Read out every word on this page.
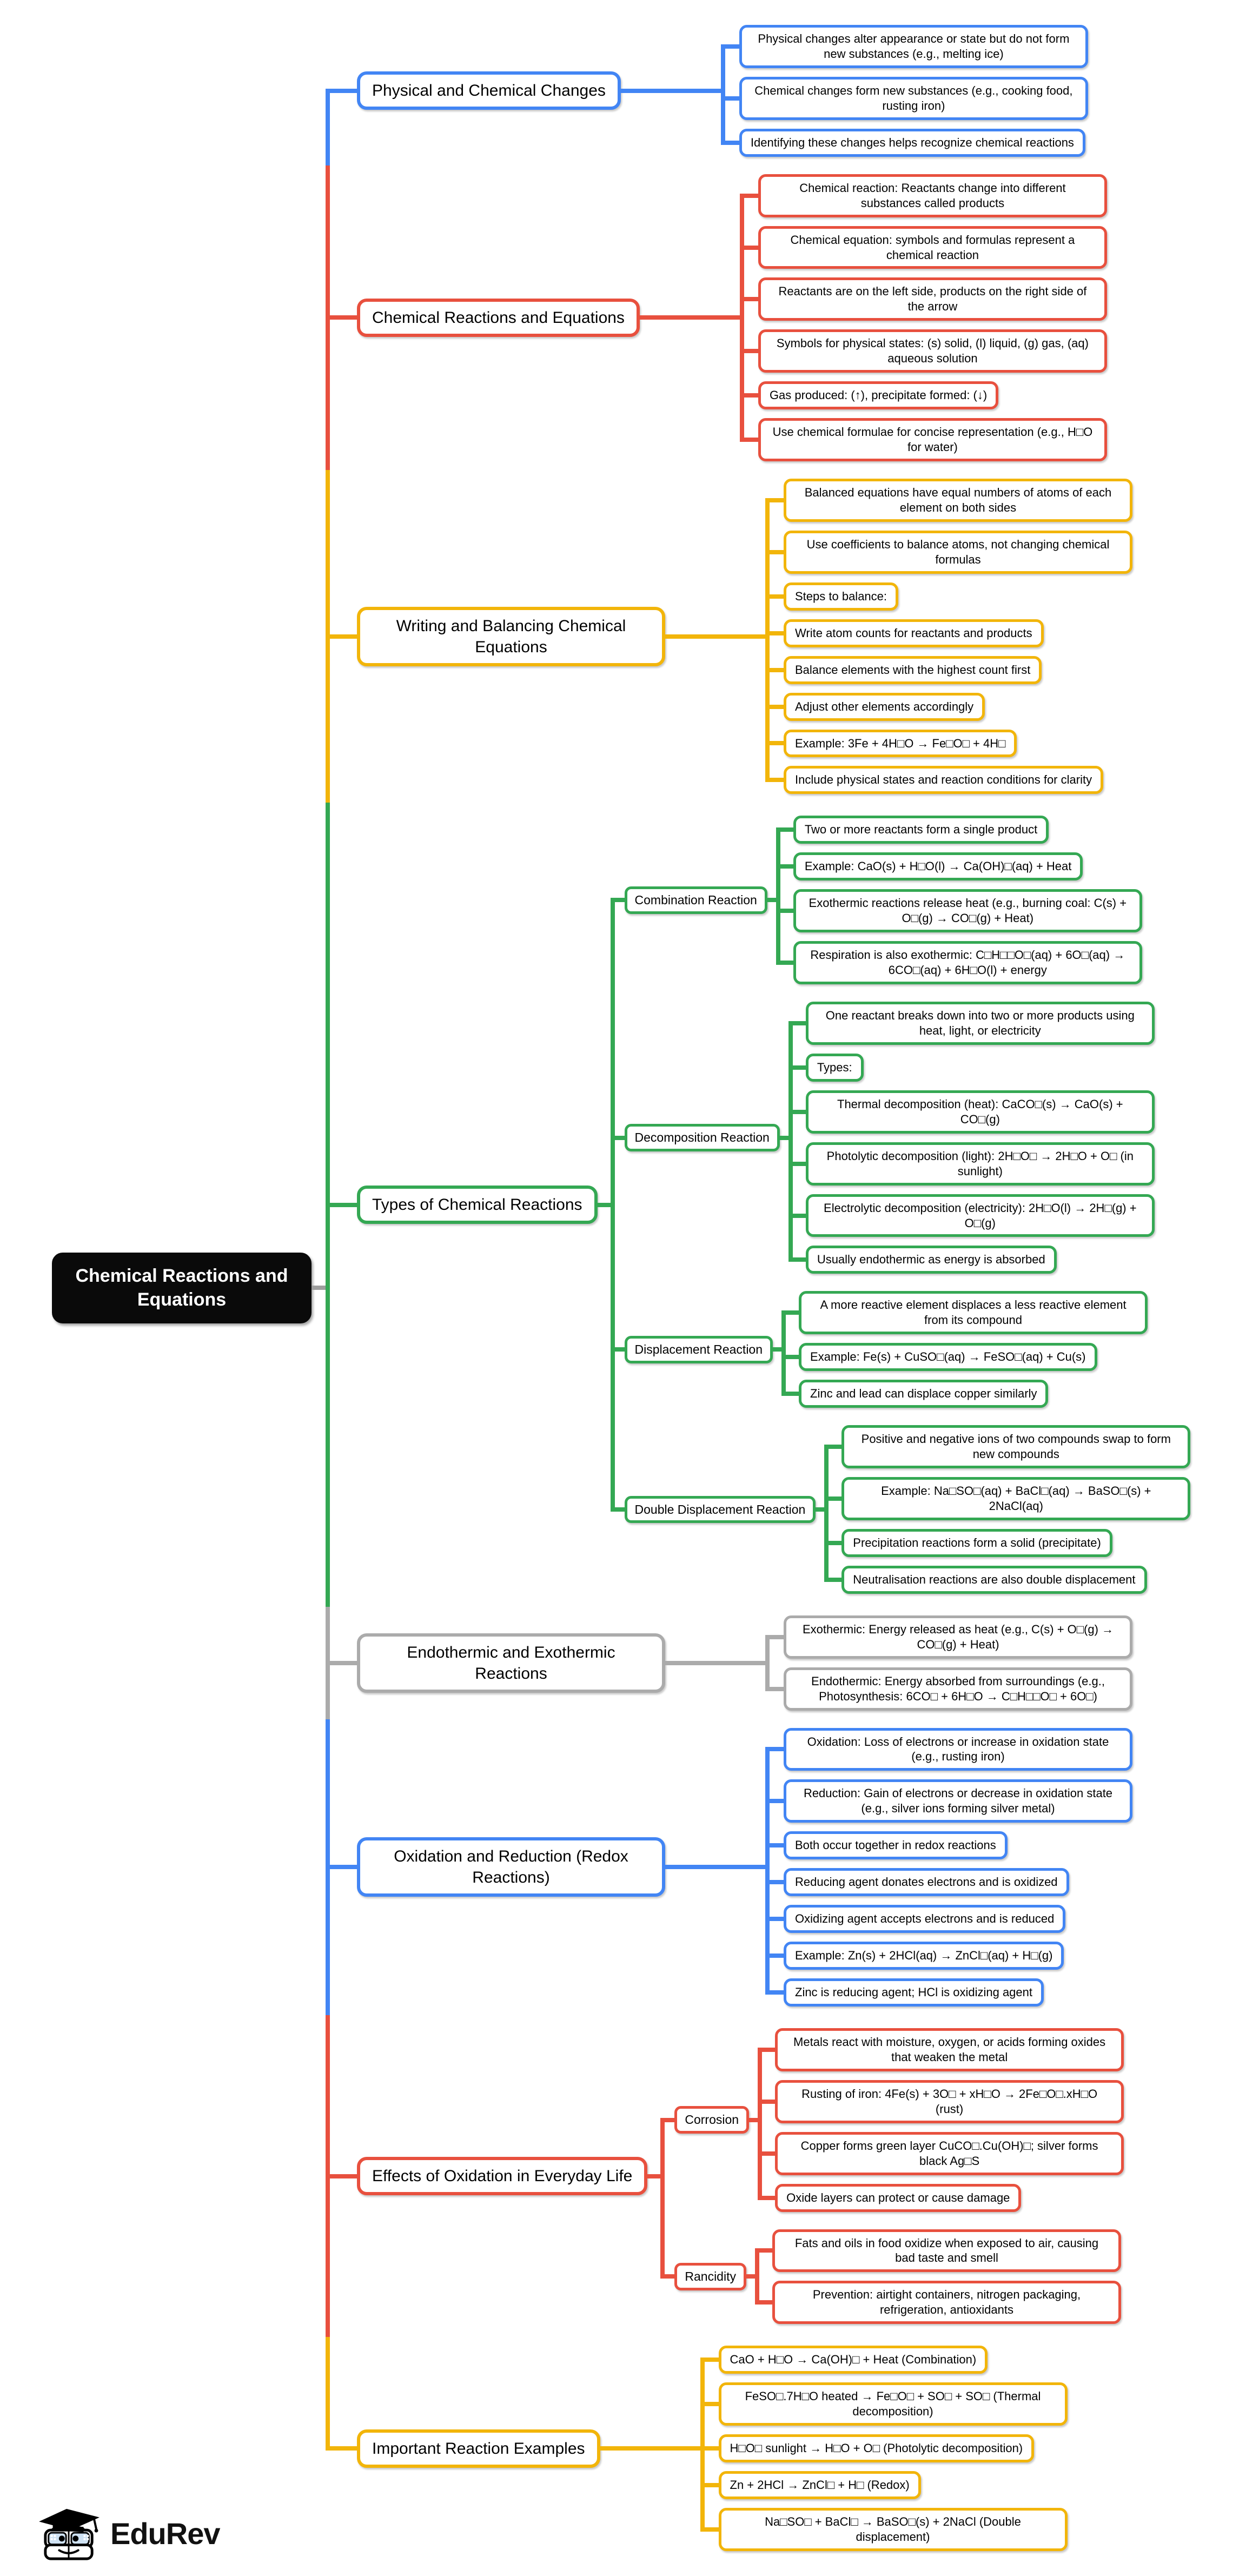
Chemical Reactions and Equations
Physical and Chemical Changes
Physical changes alter appearance or state but do not form new substances (e.g., melting ice)
Chemical changes form new substances (e.g., cooking food, rusting iron)
Identifying these changes helps recognize chemical reactions
Chemical Reactions and Equations
Chemical reaction: Reactants change into different substances called products
Chemical equation: symbols and formulas represent a chemical reaction
Reactants are on the left side, products on the right side of the arrow
Symbols for physical states: (s) solid, (l) liquid, (g) gas, (aq) aqueous solution
Gas produced: (↑), precipitate formed: (↓)
Use chemical formulae for concise representation (e.g., H□O for water)
Writing and Balancing Chemical Equations
Balanced equations have equal numbers of atoms of each element on both sides
Use coefficients to balance atoms, not changing chemical formulas
Steps to balance:
Write atom counts for reactants and products
Balance elements with the highest count first
Adjust other elements accordingly
Example: 3Fe + 4H□O → Fe□O□ + 4H□
Include physical states and reaction conditions for clarity
Types of Chemical Reactions
Combination Reaction
Two or more reactants form a single product
Example: CaO(s) + H□O(l) → Ca(OH)□(aq) + Heat
Exothermic reactions release heat (e.g., burning coal: C(s) + O□(g) → CO□(g) + Heat)
Respiration is also exothermic: C□H□□O□(aq) + 6O□(aq) → 6CO□(aq) + 6H□O(l) + energy
Decomposition Reaction
One reactant breaks down into two or more products using heat, light, or electricity
Types:
Thermal decomposition (heat): CaCO□(s) → CaO(s) + CO□(g)
Photolytic decomposition (light): 2H□O□ → 2H□O + O□ (in sunlight)
Electrolytic decomposition (electricity): 2H□O(l) → 2H□(g) + O□(g)
Usually endothermic as energy is absorbed
Displacement Reaction
A more reactive element displaces a less reactive element from its compound
Example: Fe(s) + CuSO□(aq) → FeSO□(aq) + Cu(s)
Zinc and lead can displace copper similarly
Double Displacement Reaction
Positive and negative ions of two compounds swap to form new compounds
Example: Na□SO□(aq) + BaCl□(aq) → BaSO□(s) + 2NaCl(aq)
Precipitation reactions form a solid (precipitate)
Neutralisation reactions are also double displacement
Endothermic and Exothermic Reactions
Exothermic: Energy released as heat (e.g., C(s) + O□(g) → CO□(g) + Heat)
Endothermic: Energy absorbed from surroundings (e.g., Photosynthesis: 6CO□ + 6H□O → C□H□□O□ + 6O□)
Oxidation and Reduction (Redox Reactions)
Oxidation: Loss of electrons or increase in oxidation state (e.g., rusting iron)
Reduction: Gain of electrons or decrease in oxidation state (e.g., silver ions forming silver metal)
Both occur together in redox reactions
Reducing agent donates electrons and is oxidized
Oxidizing agent accepts electrons and is reduced
Example: Zn(s) + 2HCl(aq) → ZnCl□(aq) + H□(g)
Zinc is reducing agent; HCl is oxidizing agent
Effects of Oxidation in Everyday Life
Corrosion
Metals react with moisture, oxygen, or acids forming oxides that weaken the metal
Rusting of iron: 4Fe(s) + 3O□ + xH□O → 2Fe□O□.xH□O (rust)
Copper forms green layer CuCO□.Cu(OH)□; silver forms black Ag□S
Oxide layers can protect or cause damage
Rancidity
Fats and oils in food oxidize when exposed to air, causing bad taste and smell
Prevention: airtight containers, nitrogen packaging, refrigeration, antioxidants
Important Reaction Examples
CaO + H□O → Ca(OH)□ + Heat (Combination)
FeSO□.7H□O heated → Fe□O□ + SO□ + SO□ (Thermal decomposition)
H□O□ sunlight → H□O + O□ (Photolytic decomposition)
Zn + 2HCl → ZnCl□ + H□ (Redox)
Na□SO□ + BaCl□ → BaSO□(s) + 2NaCl (Double displacement)
EduRev
